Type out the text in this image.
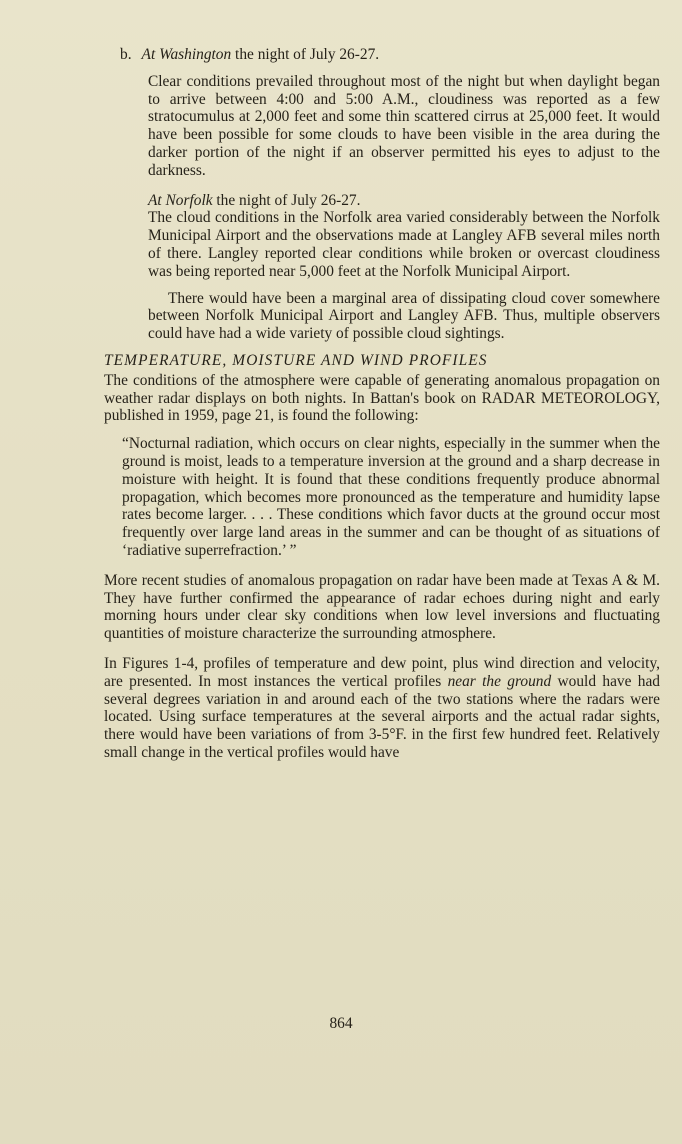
b. At Washington the night of July 26-27.

Clear conditions prevailed throughout most of the night but when daylight began to arrive between 4:00 and 5:00 A.M., cloudiness was reported as a few stratocumulus at 2,000 feet and some thin scattered cirrus at 25,000 feet. It would have been possible for some clouds to have been visible in the area during the darker portion of the night if an observer permitted his eyes to adjust to the darkness.

At Norfolk the night of July 26-27.

The cloud conditions in the Norfolk area varied considerably between the Norfolk Municipal Airport and the observations made at Langley AFB several miles north of there. Langley reported clear conditions while broken or overcast cloudiness was being reported near 5,000 feet at the Norfolk Municipal Airport.

There would have been a marginal area of dissipating cloud cover somewhere between Norfolk Municipal Airport and Langley AFB. Thus, multiple observers could have had a wide variety of possible cloud sightings.

TEMPERATURE, MOISTURE AND WIND PROFILES

The conditions of the atmosphere were capable of generating anomalous propagation on weather radar displays on both nights. In Battan's book on RADAR METEOROLOGY, published in 1959, page 21, is found the following:

“Nocturnal radiation, which occurs on clear nights, especially in the summer when the ground is moist, leads to a temperature inversion at the ground and a sharp decrease in moisture with height. It is found that these conditions frequently produce abnormal propagation, which becomes more pronounced as the temperature and humidity lapse rates become larger. . . . These conditions which favor ducts at the ground occur most frequently over large land areas in the summer and can be thought of as situations of ‘radiative superrefraction.’ ”

More recent studies of anomalous propagation on radar have been made at Texas A & M. They have further confirmed the appearance of radar echoes during night and early morning hours under clear sky conditions when low level inversions and fluctuating quantities of moisture characterize the surrounding atmosphere.

In Figures 1-4, profiles of temperature and dew point, plus wind direction and velocity, are presented. In most instances the vertical profiles near the ground would have had several degrees variation in and around each of the two stations where the radars were located. Using surface temperatures at the several airports and the actual radar sights, there would have been variations of from 3-5°F. in the first few hundred feet. Relatively small change in the vertical profiles would have

864
